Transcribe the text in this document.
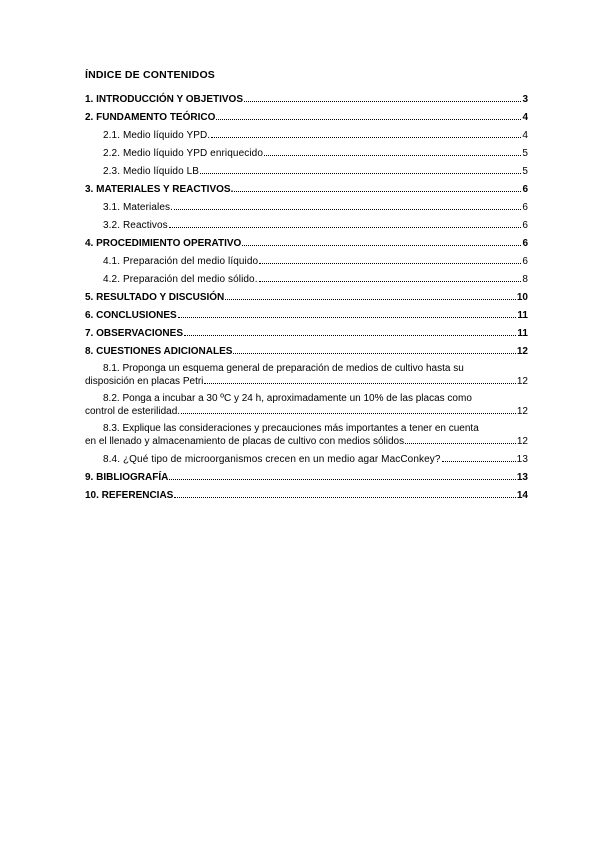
ÍNDICE DE CONTENIDOS
1. INTRODUCCIÓN Y OBJETIVOS	3
2. FUNDAMENTO TEÓRICO	4
2.1. Medio líquido YPD.	4
2.2. Medio líquido YPD enriquecido	5
2.3. Medio líquido LB	5
3. MATERIALES Y REACTIVOS.	6
3.1. Materiales.	6
3.2. Reactivos	6
4. PROCEDIMIENTO OPERATIVO	6
4.1. Preparación del medio líquido	6
4.2. Preparación del medio sólido.	8
5. RESULTADO Y DISCUSIÓN	10
6. CONCLUSIONES	11
7. OBSERVACIONES	11
8. CUESTIONES ADICIONALES	12
8.1. Proponga un esquema general de preparación de medios de cultivo hasta su
disposición en placas Petri	12
8.2. Ponga a incubar a 30 ºC y 24 h, aproximadamente un 10% de las placas como
control de esterilidad.	12
8.3. Explique las consideraciones y precauciones más importantes a tener en cuenta
en el llenado y almacenamiento de placas de cultivo con medios sólidos	12
8.4. ¿Qué tipo de microorganismos crecen en un medio agar MacConkey?	13
9. BIBLIOGRAFÍA	13
10. REFERENCIAS	14
